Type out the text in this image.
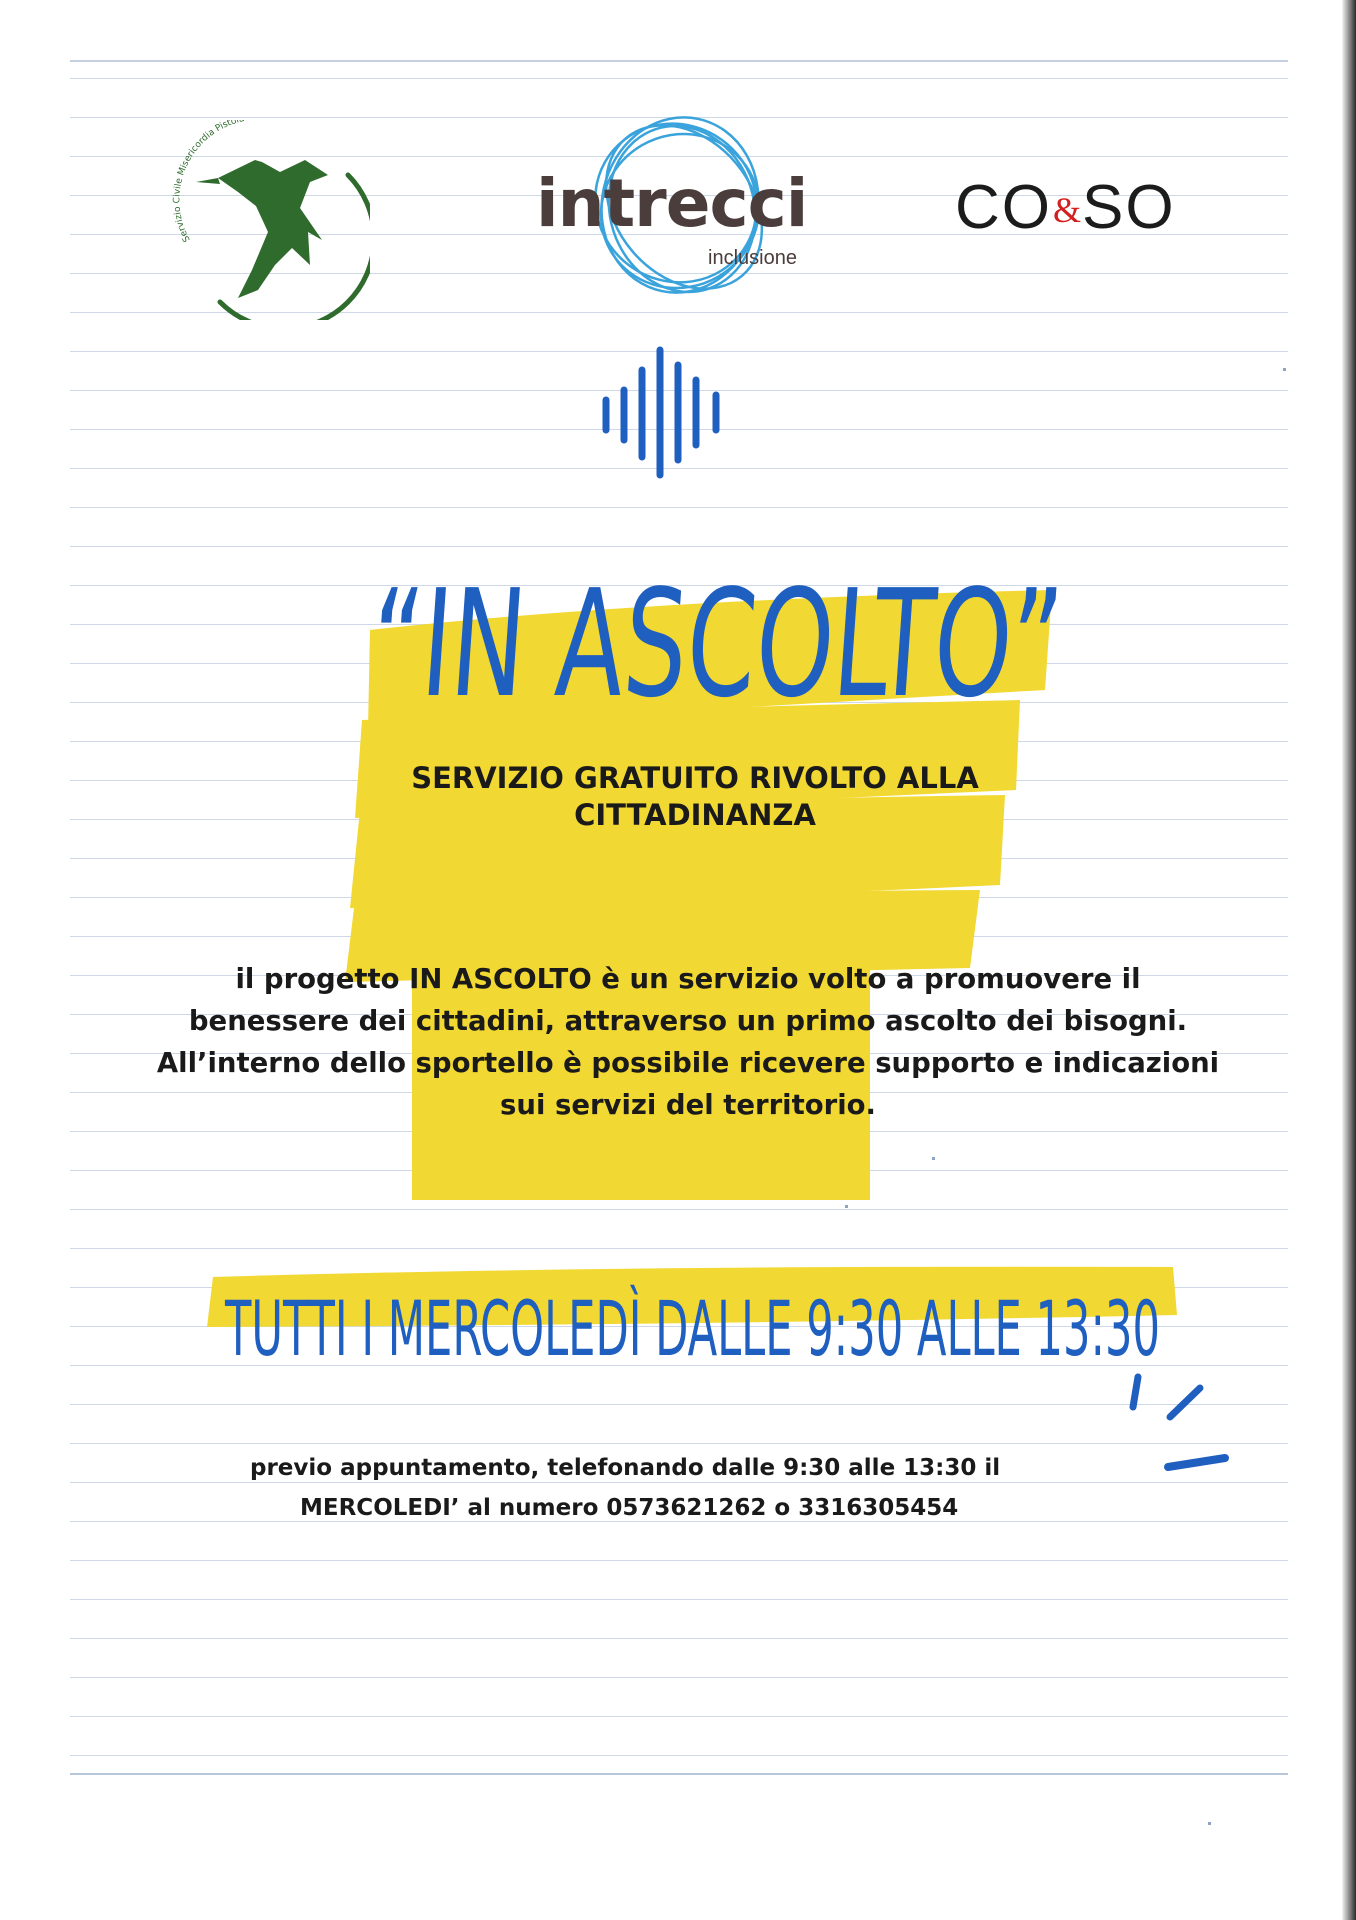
Servizio Civile Misericordia Pistoi
intrecci
inclusione
CO&SO
“IN ASCOLTO”
SERVIZIO GRATUITO RIVOLTO ALLA
CITTADINANZA

il progetto IN ASCOLTO è un servizio volto a promuovere il

benessere dei cittadini, attraverso un primo ascolto dei bisogni.

All’interno dello sportello è possibile ricevere supporto e indicazioni

sui servizi del territorio.

TUTTI I MERCOLEDÌ DALLE 9:30 ALLE 13:30

previo appuntamento, telefonando dalle 9:30 alle 13:30 il

MERCOLEDI’ al numero 0573621262 o 3316305454
